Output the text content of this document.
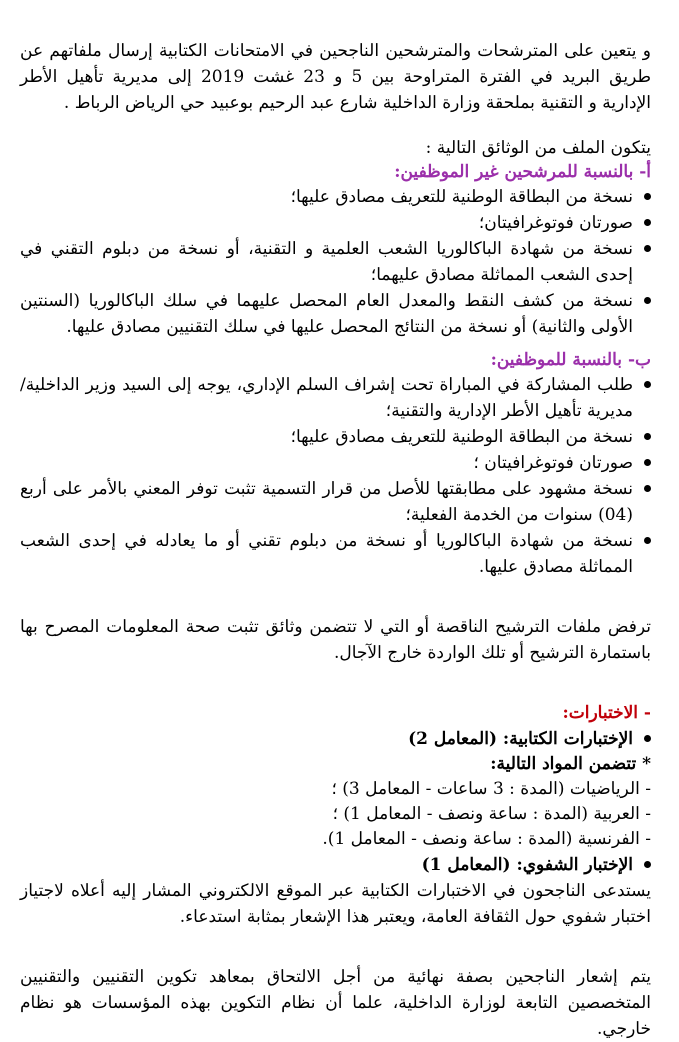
و يتعين على المترشحات والمترشحين الناجحين في الامتحانات الكتابية إرسال ملفاتهم عن طريق البريد في الفترة المتراوحة بين 5 و 23 غشت 2019 إلى مديرية تأهيل الأطر الإدارية و التقنية بملحقة وزارة الداخلية شارع عبد الرحيم بوعبيد حي الرياض الرباط .

يتكون الملف من الوثائق التالية :

أ- بالنسبة للمرشحين غير الموظفين:
نسخة من البطاقة الوطنية للتعريف مصادق عليها؛
صورتان فوتوغرافيتان؛
نسخة من شهادة الباكالوريا الشعب العلمية و التقنية، أو نسخة من دبلوم التقني في إحدى الشعب المماثلة مصادق عليهما؛
نسخة من كشف النقط والمعدل العام المحصل عليهما في سلك الباكالوريا (السنتين الأولى والثانية) أو نسخة من النتائج المحصل عليها في سلك التقنيين مصادق عليها.
ب- بالنسبة للموظفين:
طلب المشاركة في المباراة تحت إشراف السلم الإداري، يوجه إلى السيد وزير الداخلية/ مديرية تأهيل الأطر الإدارية والتقنية؛
نسخة من البطاقة الوطنية للتعريف مصادق عليها؛
صورتان فوتوغرافيتان ؛
نسخة مشهود على مطابقتها للأصل من قرار التسمية تثبت توفر المعني بالأمر على أربع (04) سنوات من الخدمة الفعلية؛
نسخة من شهادة الباكالوريا أو نسخة من دبلوم تقني أو ما يعادله في إحدى الشعب المماثلة مصادق عليها.

ترفض ملفات الترشيح الناقصة أو التي لا تتضمن وثائق تثبت صحة المعلومات المصرح بها باستمارة الترشيح أو تلك الواردة خارج الآجال.

- الاختبارات:
الإختبارات الكتابية: (المعامل 2)
* تتضمن المواد التالية:
- الرياضيات (المدة : 3 ساعات - المعامل 3) ؛
- العربية (المدة : ساعة ونصف - المعامل 1) ؛
- الفرنسية (المدة : ساعة ونصف - المعامل 1).
الإختبار الشفوي: (المعامل 1)

يستدعى الناجحون في الاختبارات الكتابية عبر الموقع الالكتروني المشار إليه أعلاه لاجتياز اختبار شفوي حول الثقافة العامة، ويعتبر هذا الإشعار بمثابة استدعاء.

يتم إشعار الناجحين بصفة نهائية من أجل الالتحاق بمعاهد تكوين التقنيين والتقنيين المتخصصين التابعة لوزارة الداخلية، علما أن نظام التكوين بهذه المؤسسات هو نظام خارجي.
